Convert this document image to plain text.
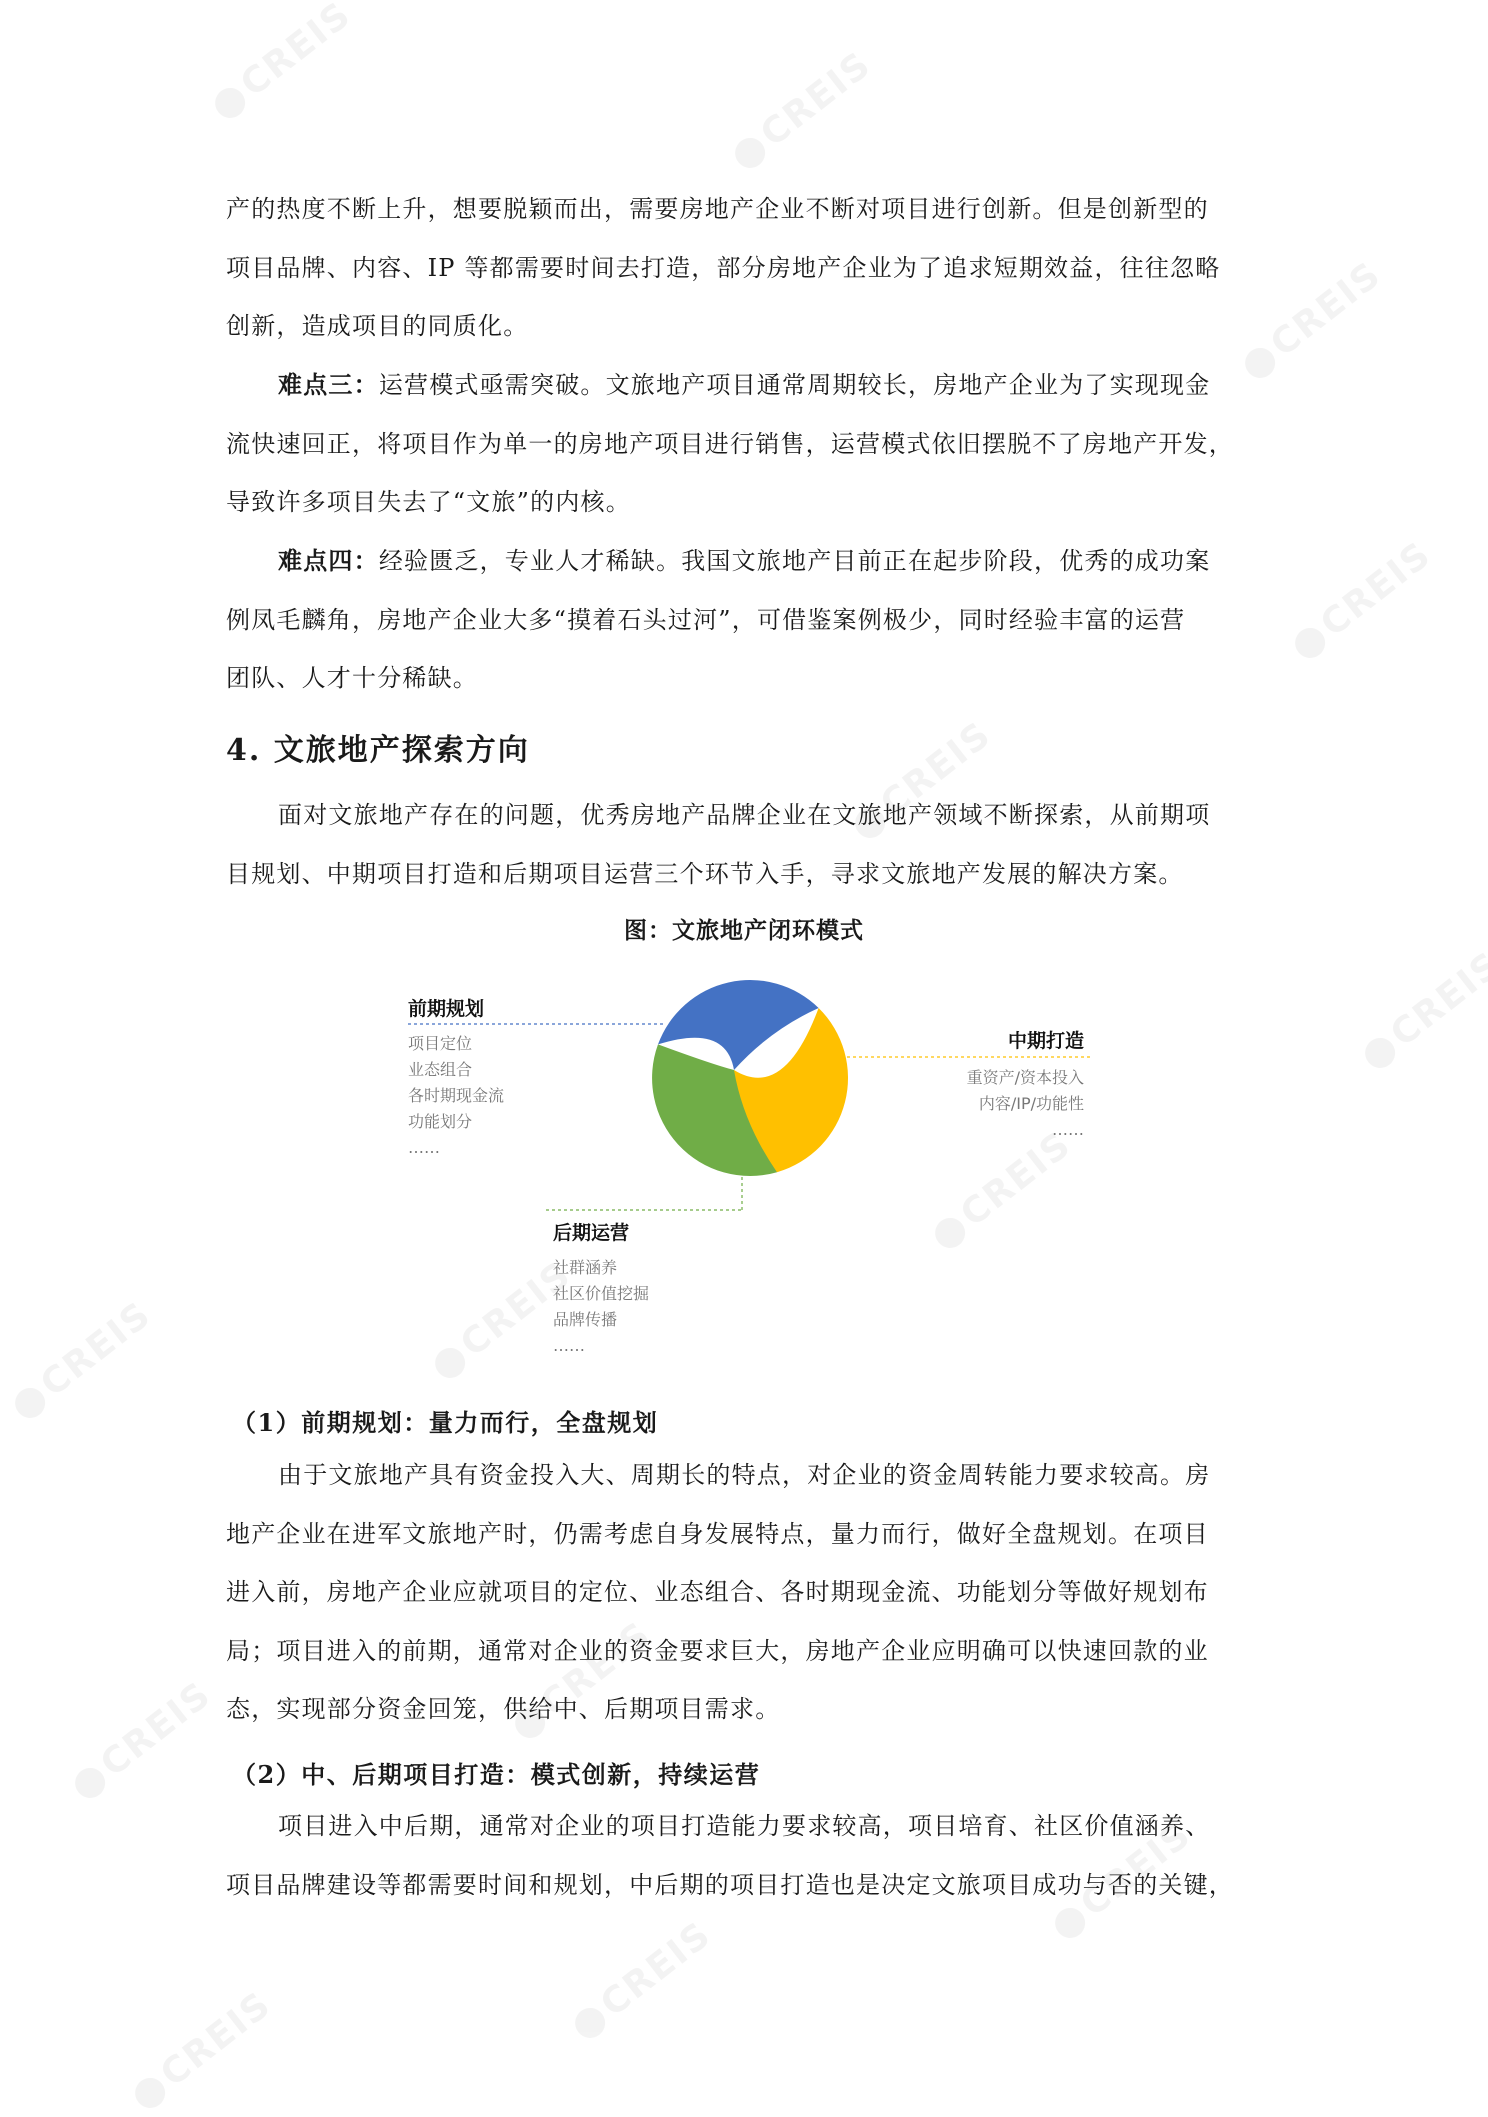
产的热度不断上升，想要脱颖而出，需要房地产企业不断对项目进行创新。但是创新型的
项目品牌、内容、IP 等都需要时间去打造，部分房地产企业为了追求短期效益，往往忽略
创新，造成项目的同质化。
难点三：运营模式亟需突破。文旅地产项目通常周期较长，房地产企业为了实现现金
流快速回正，将项目作为单一的房地产项目进行销售，运营模式依旧摆脱不了房地产开发，
导致许多项目失去了“文旅”的内核。
难点四：经验匮乏，专业人才稀缺。我国文旅地产目前正在起步阶段，优秀的成功案
例凤毛麟角，房地产企业大多“摸着石头过河”，可借鉴案例极少，同时经验丰富的运营
团队、人才十分稀缺。
4. 文旅地产探索方向
面对文旅地产存在的问题，优秀房地产品牌企业在文旅地产领域不断探索，从前期项
目规划、中期项目打造和后期项目运营三个环节入手，寻求文旅地产发展的解决方案。
图：文旅地产闭环模式
前期规划
项目定位
业态组合
各时期现金流
功能划分
……
中期打造
重资产/资本投入
内容/IP/功能性
……
后期运营
社群涵养
社区价值挖掘
品牌传播
……
（1）前期规划：量力而行，全盘规划
由于文旅地产具有资金投入大、周期长的特点，对企业的资金周转能力要求较高。房
地产企业在进军文旅地产时，仍需考虑自身发展特点，量力而行，做好全盘规划。在项目
进入前，房地产企业应就项目的定位、业态组合、各时期现金流、功能划分等做好规划布
局；项目进入的前期，通常对企业的资金要求巨大，房地产企业应明确可以快速回款的业
态，实现部分资金回笼，供给中、后期项目需求。
（2）中、后期项目打造：模式创新，持续运营
项目进入中后期，通常对企业的项目打造能力要求较高，项目培育、社区价值涵养、
项目品牌建设等都需要时间和规划，中后期的项目打造也是决定文旅项目成功与否的关键，
